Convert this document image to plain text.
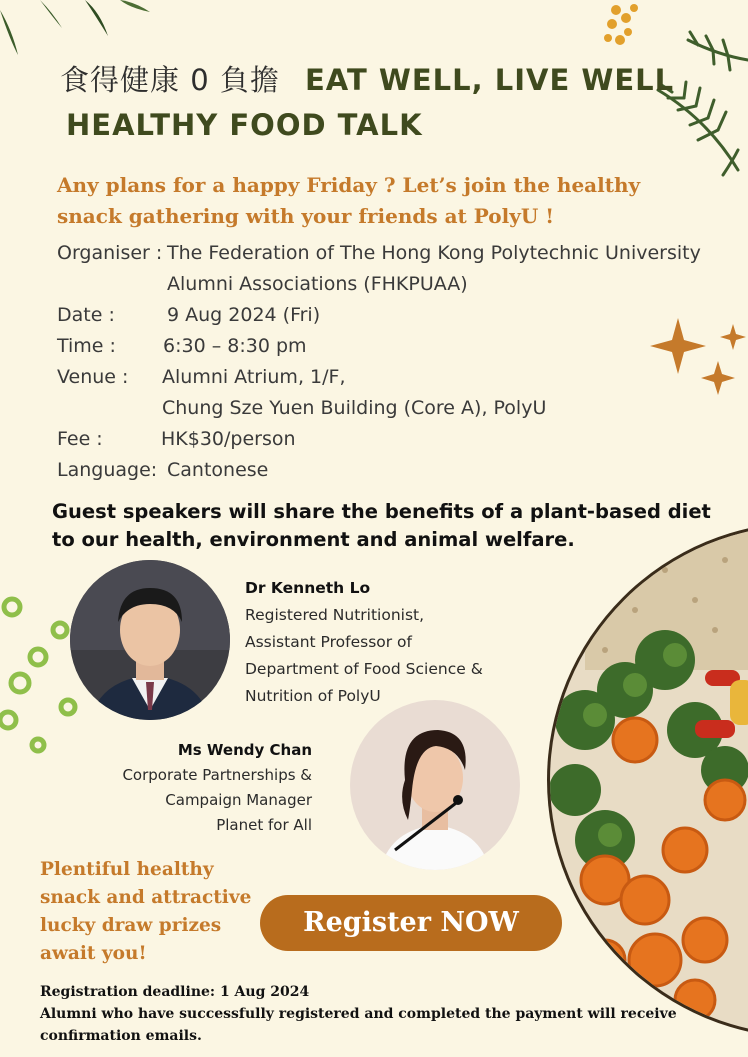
食得健康 0 負擔 EAT WELL, LIVE WELL
HEALTHY FOOD TALK
Any plans for a happy Friday ? Let’s join the healthy snack gathering with your friends at PolyU !
Organiser : The Federation of The Hong Kong Polytechnic University
Alumni Associations (FHKPUAA)
Date :	9 Aug 2024 (Fri)
Time :	6:30 – 8:30 pm
Venue :	Alumni Atrium, 1/F,
Chung Sze Yuen Building (Core A), PolyU
Fee :	HK$30/person
Language: Cantonese
Guest speakers will share the benefits of a plant-based diet to our health, environment and animal welfare.
Dr Kenneth Lo
Registered Nutritionist,
Assistant Professor of
Department of Food Science &
Nutrition of PolyU
Ms Wendy Chan
Corporate Partnerships &
Campaign Manager
Planet for All
Plentiful healthy snack and attractive lucky draw prizes await you!
Register NOW
Registration deadline: 1 Aug 2024
Alumni who have successfully registered and completed the payment will receive confirmation emails.
